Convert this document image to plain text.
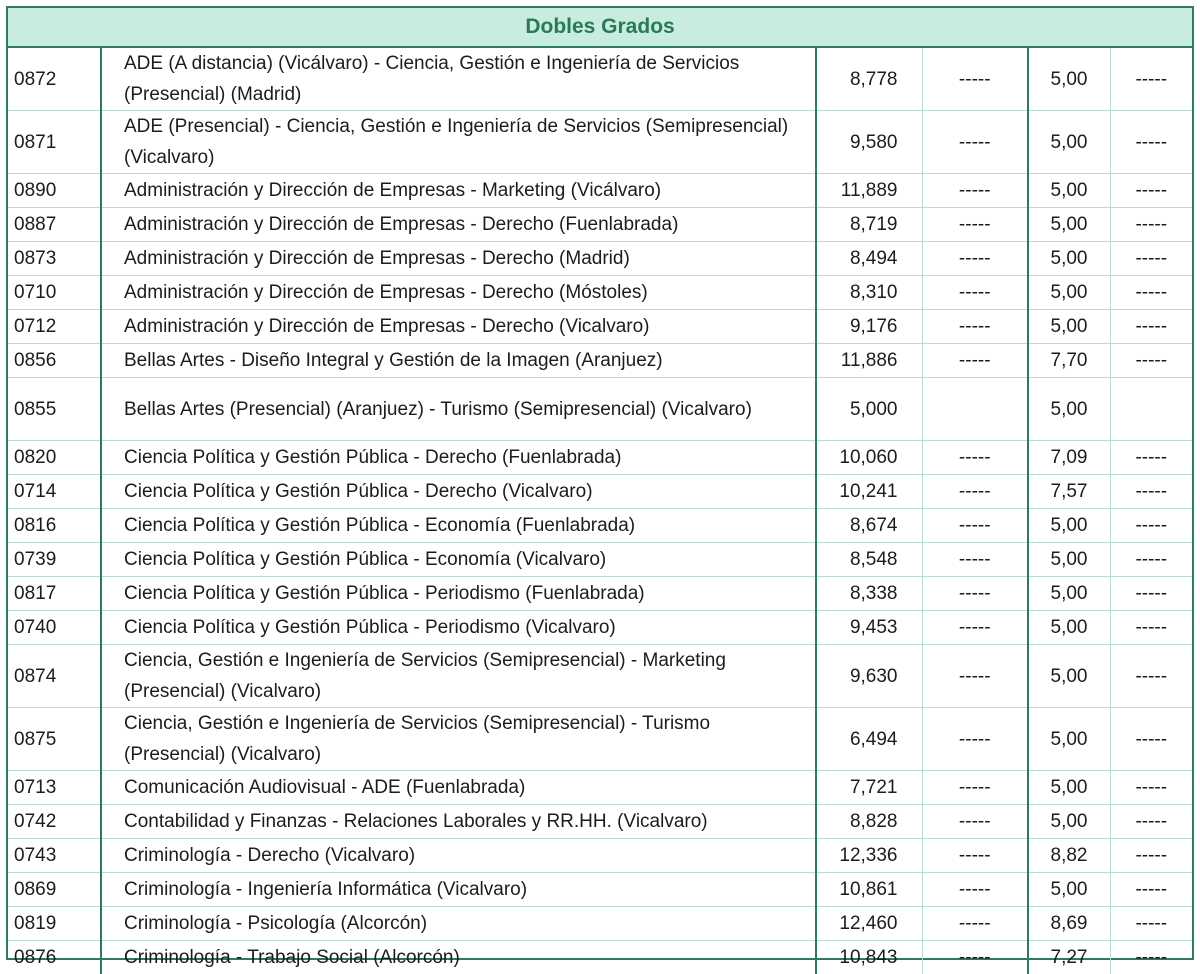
Dobles Grados					
0872	ADE (A distancia) (Vicálvaro) - Ciencia, Gestión e Ingeniería de Servicios (Presencial) (Madrid)	8,778	-----	5,00	-----
0871	ADE (Presencial) - Ciencia, Gestión e Ingeniería de Servicios (Semipresencial) (Vicalvaro)	9,580	-----	5,00	-----
0890	Administración y Dirección de Empresas - Marketing (Vicálvaro)	11,889	-----	5,00	-----
0887	Administración y Dirección de Empresas - Derecho (Fuenlabrada)	8,719	-----	5,00	-----
0873	Administración y Dirección de Empresas - Derecho (Madrid)	8,494	-----	5,00	-----
0710	Administración y Dirección de Empresas - Derecho (Móstoles)	8,310	-----	5,00	-----
0712	Administración y Dirección de Empresas - Derecho (Vicalvaro)	9,176	-----	5,00	-----
0856	Bellas Artes - Diseño Integral y Gestión de la Imagen (Aranjuez)	11,886	-----	7,70	-----
0855	Bellas Artes (Presencial) (Aranjuez) - Turismo (Semipresencial) (Vicalvaro)	5,000		5,00	
0820	Ciencia Política y Gestión Pública - Derecho (Fuenlabrada)	10,060	-----	7,09	-----
0714	Ciencia Política y Gestión Pública - Derecho (Vicalvaro)	10,241	-----	7,57	-----
0816	Ciencia Política y Gestión Pública - Economía (Fuenlabrada)	8,674	-----	5,00	-----
0739	Ciencia Política y Gestión Pública - Economía (Vicalvaro)	8,548	-----	5,00	-----
0817	Ciencia Política y Gestión Pública - Periodismo (Fuenlabrada)	8,338	-----	5,00	-----
0740	Ciencia Política y Gestión Pública - Periodismo (Vicalvaro)	9,453	-----	5,00	-----
0874	Ciencia, Gestión e Ingeniería de Servicios (Semipresencial) - Marketing (Presencial) (Vicalvaro)	9,630	-----	5,00	-----
0875	Ciencia, Gestión e Ingeniería de Servicios (Semipresencial) - Turismo (Presencial) (Vicalvaro)	6,494	-----	5,00	-----
0713	Comunicación Audiovisual - ADE (Fuenlabrada)	7,721	-----	5,00	-----
0742	Contabilidad y Finanzas - Relaciones Laborales y RR.HH. (Vicalvaro)	8,828	-----	5,00	-----
0743	Criminología - Derecho (Vicalvaro)	12,336	-----	8,82	-----
0869	Criminología - Ingeniería Informática (Vicalvaro)	10,861	-----	5,00	-----
0819	Criminología - Psicología (Alcorcón)	12,460	-----	8,69	-----
0876	Criminología - Trabajo Social (Alcorcón)	10,843	-----	7,27	-----
